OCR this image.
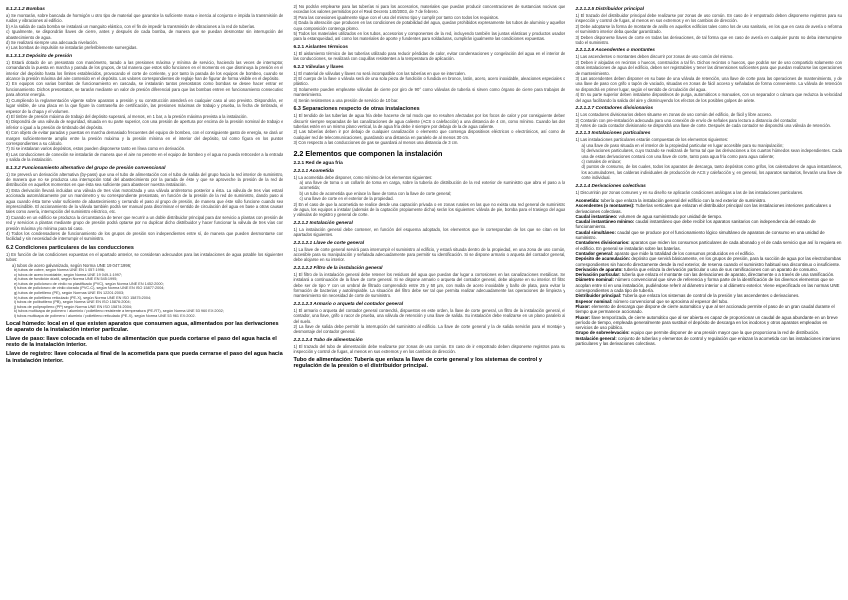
5.1.2.1.2 Bombas

a) Se montarán, sobre bancada de hormigón u otro tipo de material que garantice la suficiente masa e inercia al conjunto e impida la transmisión de ruidos y vibraciones al edificio.

b) A la salida de cada bomba se instalará un manguito elástico, con el fin de impedir la transmisión de vibraciones a la red de tuberías.

c) Igualmente, se dispondrán llaves de cierre, antes y después de cada bomba, de manera que se puedan desmontar sin interrupción del abastecimiento de agua.

d) Se realizará siempre una adecuada nivelación.

e) Las bombas de impulsión se instalarán preferiblemente sumergidas.

5.1.3.1.3 Depósito de presión

1) Estará dotado de un presostato con manómetro, tarado a las presiones máxima y mínima de servicio, haciendo las veces de interruptor, comandando la puesta en marcha y parada de los grupos, de tal manera que estos sólo funcionen en el momento en que disminuya la presión en el interior del depósito hasta los límites establecidos, provocando el corte de corriente, y por tanto la parada de los equipos de bombeo, cuando se alcance la presión máxima del aire contenido en el depósito. Los valores correspondientes de reglaje han de figurar de forma visible en el depósito.

2) En equipos con varias bombas de funcionamiento en cascada, se instalarán tantos presostatos como bombas se desee hacer entrar en funcionamiento. Dichos presostatos, se tararán mediante un valor de presión diferencial para que las bombas entren en funcionamiento consecutivo para ahorrar energía.

3) Cumpliendo la reglamentación vigente sobre aparatos a presión y su construcción atenderá en cualquier caso al uso previsto. Dispondrán, en lugar visible, de una placa en la que figure la contraseña de certificación, las presiones máximas de trabajo y prueba, la fecha de timbrado, el espesor de la chapa y el volumen.

4) El timbre de presión máxima de trabajo del depósito superará, al menos, en 1 bar, a la presión máxima prevista a la instalación.

5) Dispondrá de una válvula de seguridad, situada en su parte superior, con una presión de apertura por encima de la presión nominal de trabajo e inferior o igual a la presión de timbrado del depósito.

6) Con objeto de evitar paradas y puestas en marcha demasiado frecuentes del equipo de bombeo, con el consiguiente gasto de energía, se dará un margen suficientemente amplio entre la presión máxima y la presión mínima en el interior del depósito, tal como figura en los puntos correspondientes a su cálculo.

7) Si se instalaran varios depósitos, estos pueden disponerse tanto en línea como en derivación.

8) Las conducciones de conexión se instalarán de manera que el aire no penetre en el equipo de bombeo y el agua no pueda retroceder a la entrada y salida de la instalación.

5.1.3.2 Funcionamiento alternativo del grupo de presión convencional

1) Se preverá un derivación alternativa (by-pass) que una el tubo de alimentación con el tubo de salida del grupo hacia la red interior de suministro, de manera que no se produzca una interrupción total del abastecimiento por la parada de éste y que se aproveche la presión de la red de distribución en aquellos momentos en que ésta sea suficiente para abastecer nuestra instalación.

2) Esta derivación llevará incluidas una válvula de tres vías motorizada y una válvula antirretorno posterior a ésta. La válvula de tres vías estará accionada automáticamente por un manómetro y su correspondiente presostato, en función de la presión de la red de suministro, dando paso al agua cuando ésta tome valor suficiente de abastecimiento y cerrando el paso al grupo de presión, de manera que éste sólo funcione cuando sea imprescindible. El accionamiento de la válvula también podrá ser manual para discriminar el sentido de circulación del agua en base a otras causas tales como avería, interrupción del suministro eléctrico, etc.

3) Cuando en un edificio se produzca la circunstancia de tener que recurrir a un doble distribuidor principal para dar servicio a plantas con presión de red y servicios a plantas mediante grupo de presión podrá optarse por no duplicar dicho distribuidor y hacer funcionar la válvula de tres vías con presión máxima y/o mínima para tal caso.

4) Todos los condensadores de funcionamiento de los grupos de presión son independientes entre sí, de manera que pueden desmontarse con facilidad y sin necesidad de interrumpir el suministro.

6.2 Condiciones particulares de las conducciones

1) En función de las condiciones expuestas en el apartado anterior, se consideran adecuados para las instalaciones de agua potable los siguientes tubos:

a) tubos de acero galvanizado, según Norma UNE 19 047:1996;

b) tubos de cobre, según Norma UNE EN 1 057:1996;

c) tubos de acero inoxidable, según Norma UNE 19 049-1:1997;

d) tubos de fundición dúctil, según Norma UNE EN 545:1995;

e) tubos de policloruro de vinilo no plastificado (PVC), según Norma UNE EN 1452:2000;

f) tubos de policloruro de vinilo clorado (PVC-C), según Norma UNE EN ISO 15877:2004;

g) tubos de polietileno (PE), según Normas UNE EN 12201:2003;

h) tubos de polietileno reticulado (PE-X), según Norma UNE EN ISO 15875:2004;

i) tubos de polibutileno (PB), según Norma UNE EN ISO 15876:2004;

j) tubos de polipropileno (PP) según Norma UNE EN ISO 15874:2004;

k) tubos multicapa de polímero / aluminio / polietileno resistente a temperatura (PE-RT), según Norma UNE 53 960 EX:2002;

l) tubos multicapa de polímero / aluminio / polietileno reticulado (PE-X), según Norma UNE 53 961 EX:2002.

Local húmedo: local en el que existen aparatos que consumen agua, alimentados por las derivaciones de aparato de la instalación interior particular.

Llave de paso: llave colocada en el tubo de alimentación que pueda cortarse el paso del agua hacia el resto de la instalación interior.

Llave de registro: llave colocada al final de la acometida para que pueda cerrarse el paso del agua hacia la instalación interior.

2) No podrán emplearse para las tuberías ni para los accesorios, materiales que puedan producir concentraciones de sustancias nocivas que excedan los valores permitidos por el Real Decreto 140/2003, de 7 de febrero.

3) Para las conexiones igualmente sigue con el uso del mismo tipo y cumplir por tanto con todos los requisitos.

4) Dada la alteración que producen en las condiciones de potabilidad del agua, quedan prohibidos expresamente los tubos de aluminio y aquellos cuya composición contenga plomo.

5) Todos los materiales utilizados en los tubos, accesorios y componentes de la red, incluyendo también las juntas elásticas y productos usados para la estanqueidad, así como los materiales de aporte y fundentes para soldaduras, cumplirán igualmente las condiciones expuestas.

6.2.1 Aislantes térmicos

1) El aislamiento térmico de las tuberías utilizado para reducir pérdidas de calor, evitar condensaciones y congelación del agua en el interior de las conducciones, se realizará con coquillas resistentes a la temperatura de aplicación.

6.2.2 Válvulas y llaves

1) El material de válvulas y llaves no será incompatible con las tuberías en que se intercalen.

2) El cuerpo de la llave o válvula será de una sola pieza de fundición o fundida en bronce, latón, acero, acero inoxidable, aleaciones especiales o plástico.

3) Solamente pueden emplearse válvulas de cierre por giro de 90° como válvulas de tubería si sirven como órgano de cierre para trabajos de mantenimiento.

4) Serán resistentes a una presión de servicio de 10 bar.

6.3 Separaciones respecto de otras instalaciones

1) El tendido de las tuberías de agua fría debe hacerse de tal modo que no resulten afectadas por los focos de calor y por consiguiente deben discurrir siempre separadas de las canalizaciones de agua caliente (ACS o calefacción) a una distancia de 4 cm, como mínimo. Cuando las dos tuberías estén en un mismo plano vertical, la de agua fría debe ir siempre por debajo de la de agua caliente.

2) Las tuberías deben ir por debajo de cualquier canalización o elemento que contenga dispositivos eléctricos o electrónicos, así como de cualquier red de telecomunicaciones, guardando una distancia en paralelo de al menos 30 cm.

3) Con respecto a las conducciones de gas se guardará al menos una distancia de 3 cm.

2.2 Elementos que componen la instalación
2.2.1 Red de agua fría
2.2.1.1 Acometida

1) La acometida debe disponer, como mínimo de los elementos siguientes:

a) una llave de toma o un collarín de toma en carga, sobre la tubería de distribución de la red exterior de suministro que abra el paso a la acometida;

b) un tubo de acometida que enlace la llave de toma con la llave de corte general;

c) una llave de corte en el exterior de la propiedad.

2) En el caso de que la acometida se realice desde una captación privada o en zonas rurales en las que no exista una red general de suministro de agua, los equipos a instalar (además de la captación propiamente dicha) serán los siguientes: válvula de pie, bomba para el trasiego del agua y válvulas de registro y general de corte.

2.2.1.2 Instalación general

1) La instalación general debe contener, en función del esquema adoptado, los elementos que le correspondan de los que se citan en los apartados siguientes.

2.2.1.2.1 Llave de corte general

1) La llave de corte general servirá para interrumpir el suministro al edificio, y estará situada dentro de la propiedad, en una zona de uso común, accesible para su manipulación y señalada adecuadamente para permitir su identificación. Si se dispone armario o arqueta del contador general, debe alojarse en su interior.

2.2.1.2.2 Filtro de la instalación general

1) El filtro de la instalación general debe retener los residuos del agua que puedan dar lugar a corrosiones en las canalizaciones metálicas. Se instalará a continuación de la llave de corte general. Si se dispone armario o arqueta del contador general, debe alojarse en su interior. El filtro debe ser de tipo Y con un umbral de filtrado comprendido entre 25 y 50 µm, con malla de acero inoxidable y baño de plata, para evitar la formación de bacterias y autolimpiable. La situación del filtro debe ser tal que permita realizar adecuadamente las operaciones de limpieza y mantenimiento sin necesidad de corte de suministro.

2.2.1.2.3 Armario o arqueta del contador general

1) El armario o arqueta del contador general contendrá, dispuestos en este orden, la llave de corte general, un filtro de la instalación general, el contador, una llave, grifo o racor de prueba, una válvula de retención y una llave de salida. Su instalación debe realizarse en un plano paralelo al del suelo.

2) La llave de salida debe permitir la interrupción del suministro al edificio. La llave de corte general y la de salida servirán para el montaje y desmontaje del contador general.

2.2.1.2.4 Tubo de alimentación

1) El trazado del tubo de alimentación debe realizarse por zonas de uso común. En caso de ir empotrado deben disponerse registros para su inspección y control de fugas, al menos en sus extremos y en los cambios de dirección.

Tubo de alimentación: Tubería que enlaza la llave de corte general y los sistemas de control y regulación de la presión o el distribuidor principal.

2.2.1.2.5 Distribuidor principal

1) El trazado del distribuidor principal debe realizarse por zonas de uso común. En caso de ir empotrado deben disponerse registros para su inspección y control de fugas, al menos en sus extremos y en los cambios de dirección.

2) Debe adoptarse la forma de montante de anillo en aquellos edificios tales como los de uso sanitario, en los que en caso de avería o reforma el suministro interior deba quedar garantizado.

3) Deben disponerse llaves de corte en todas las derivaciones, de tal forma que en caso de avería en cualquier punto no deba interrumpirse todo el suministro.

2.2.1.2.6 Ascendentes o montantes

1) Las ascendentes o montantes deben discurrir por zonas de uso común del mismo.

2) Deben ir alojadas en recintos o huecos, construidos a tal fin. Dichos recintos o huecos, que podrán ser de uso compartido solamente con otras instalaciones de agua del edificio, deben ser registrables y tener las dimensiones suficientes para que puedan realizarse las operaciones de mantenimiento.

3) Las ascendentes deben disponer en su base de una válvula de retención, una llave de corte para las operaciones de mantenimiento, y de una llave de paso con grifo o tapón de vaciado, situadas en zonas de fácil acceso y señaladas de forma conveniente. La válvula de retención se dispondrá en primer lugar, según el sentido de circulación del agua.

4) En su parte superior deben instalarse dispositivos de purga, automáticos o manuales, con un separador o cámara que reduzca la velocidad del agua facilitando la salida del aire y disminuyendo los efectos de los posibles golpes de ariete.

2.2.1.2.7 Contadores divisionarios

1) Los contadores divisionarios deben situarse en zonas de uso común del edificio, de fácil y libre acceso.

2) Contarán con pre-instalación adecuada para una conexión de envío de señales para lectura a distancia del contador.

3) Antes de cada contador divisionario se dispondrá una llave de corte. Después de cada contador se dispondrá una válvula de retención.

2.2.1.3 Instalaciones particulares

1) Las instalaciones particulares estarán compuestas de los elementos siguientes:

a) una llave de paso situada en el interior de la propiedad particular en lugar accesible para su manipulación;

b) derivaciones particulares, cuyo trazado se realizará de forma tal que las derivaciones a los cuartos húmedos sean independientes. Cada una de estas derivaciones contará con una llave de corte, tanto para agua fría como para agua caliente;

c) ramales de enlace;

d) puntos de consumo, de los cuales, todos los aparatos de descarga, tanto depósitos como grifos, los calentadores de agua instantáneos, los acumuladores, las calderas individuales de producción de ACS y calefacción y, en general, los aparatos sanitarios, llevarán una llave de corte individual.

2.2.1.4 Derivaciones colectivas

1) Discurrirán por zonas comunes y en su diseño se aplicarán condiciones análogas a las de las instalaciones particulares.

Acometida: tubería que enlaza la instalación general del edificio con la red exterior de suministro.

Ascendentes (o montantes): Tuberías verticales que enlazan el distribuidor principal con las instalaciones interiores particulares o derivaciones colectivas.

Caudal instantáneo: volumen de agua suministrado por unidad de tiempo.

Caudal instantáneo mínimo: caudal instantáneo que debe recibir los aparatos sanitarios con independencia del estado de funcionamiento.

Caudal simultáneo: caudal que se produce por el funcionamiento lógico simultáneo de aparatos de consumo en una unidad de suministro.

Contadores divisionarios: aparatos que miden los consumos particulares de cada abonado y el de cada servicio que así lo requiera en el edificio. En general se instalarán sobre las baterías.

Contador general: aparato que mide la totalidad de los consumos producidos en el edificio.

Depósito de acumulación: depósito que servirá básicamente, en los grupos de presión, para la succión de agua por las electrobombas correspondientes sin hacerlo directamente desde la red exterior, de reserva cuando el suministro habitual sea discontinuo o insuficiente.

Derivación de aparato: tubería que enlaza la derivación particular o una de sus ramificaciones con un aparato de consumo.

Derivación particular: tubería que enlaza el montante con las derivaciones de aparato, directamente o a través de una ramificación.

Diámetro nominal: número convencional que sirve de referencia y forma parte de la identificación de los diversos elementos que se acoplan entre sí en una instalación, pudiéndose referir al diámetro interior o al diámetro exterior. Viene especificado en las normas UNE correspondientes a cada tipo de tubería.

Distribuidor principal: Tubería que enlaza los sistemas de control de la presión y las ascendentes o derivaciones.

Espesor nominal: número convencional que se aproxima al espesor del tubo.

Fluxor: elemento de descarga que dispone de cierre automático y que al ser accionado permite el paso de un gran caudal durante el tiempo que permanece accionado.

Fluxor: llave temporizada, de cierre automático que al ser abierta es capaz de proporcionar un caudal de agua abundante en un breve período de tiempo, empleada generalmente para sustituir el depósito de descarga en los inodoros y otros aparatos empleados en servicios de uso público.

Grupo de sobreelevación: equipo que permite disponer de una presión mayor que la que proporciona la red de distribución.

Instalación general: conjunto de tuberías y elementos de control y regulación que enlazan la acometida con las instalaciones interiores particulares y las derivaciones colectivas.
